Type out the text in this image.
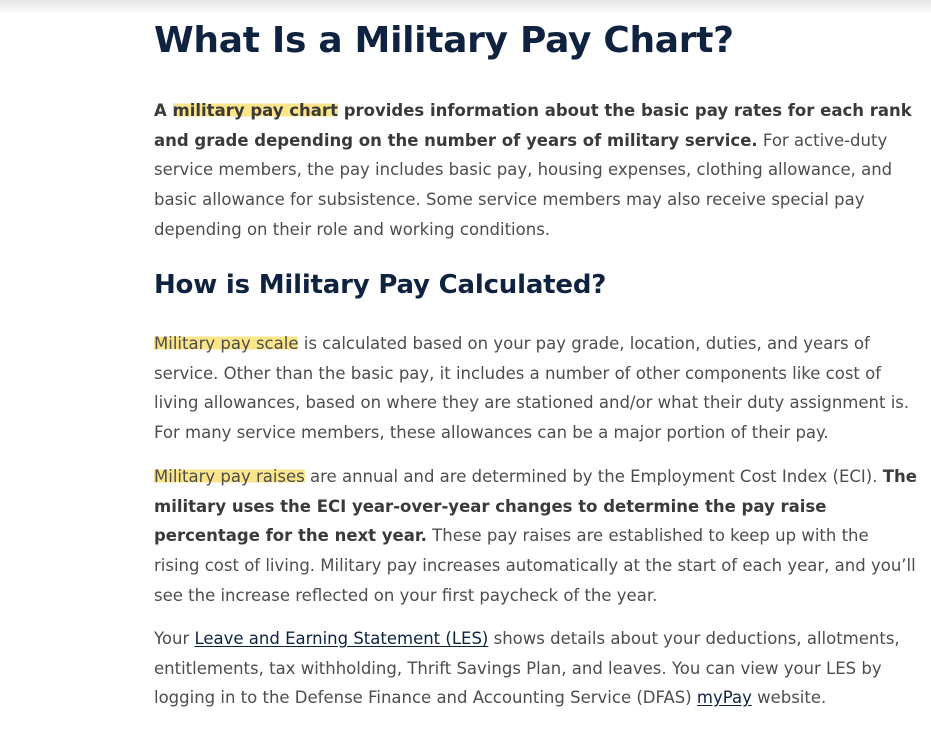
What Is a Military Pay Chart?

A military pay chart provides information about the basic pay rates for each rank and grade depending on the number of years of military service. For active-duty service members, the pay includes basic pay, housing expenses, clothing allowance, and basic allowance for subsistence. Some service members may also receive special pay depending on their role and working conditions.

How is Military Pay Calculated?

Military pay scale is calculated based on your pay grade, location, duties, and years of service. Other than the basic pay, it includes a number of other components like cost of living allowances, based on where they are stationed and/or what their duty assignment is. For many service members, these allowances can be a major portion of their pay.

Military pay raises are annual and are determined by the Employment Cost Index (ECI). The military uses the ECI year-over-year changes to determine the pay raise percentage for the next year. These pay raises are established to keep up with the rising cost of living. Military pay increases automatically at the start of each year, and you’ll see the increase reflected on your first paycheck of the year.

Your Leave and Earning Statement (LES) shows details about your deductions, allotments, entitlements, tax withholding, Thrift Savings Plan, and leaves. You can view your LES by logging in to the Defense Finance and Accounting Service (DFAS) myPay website.
